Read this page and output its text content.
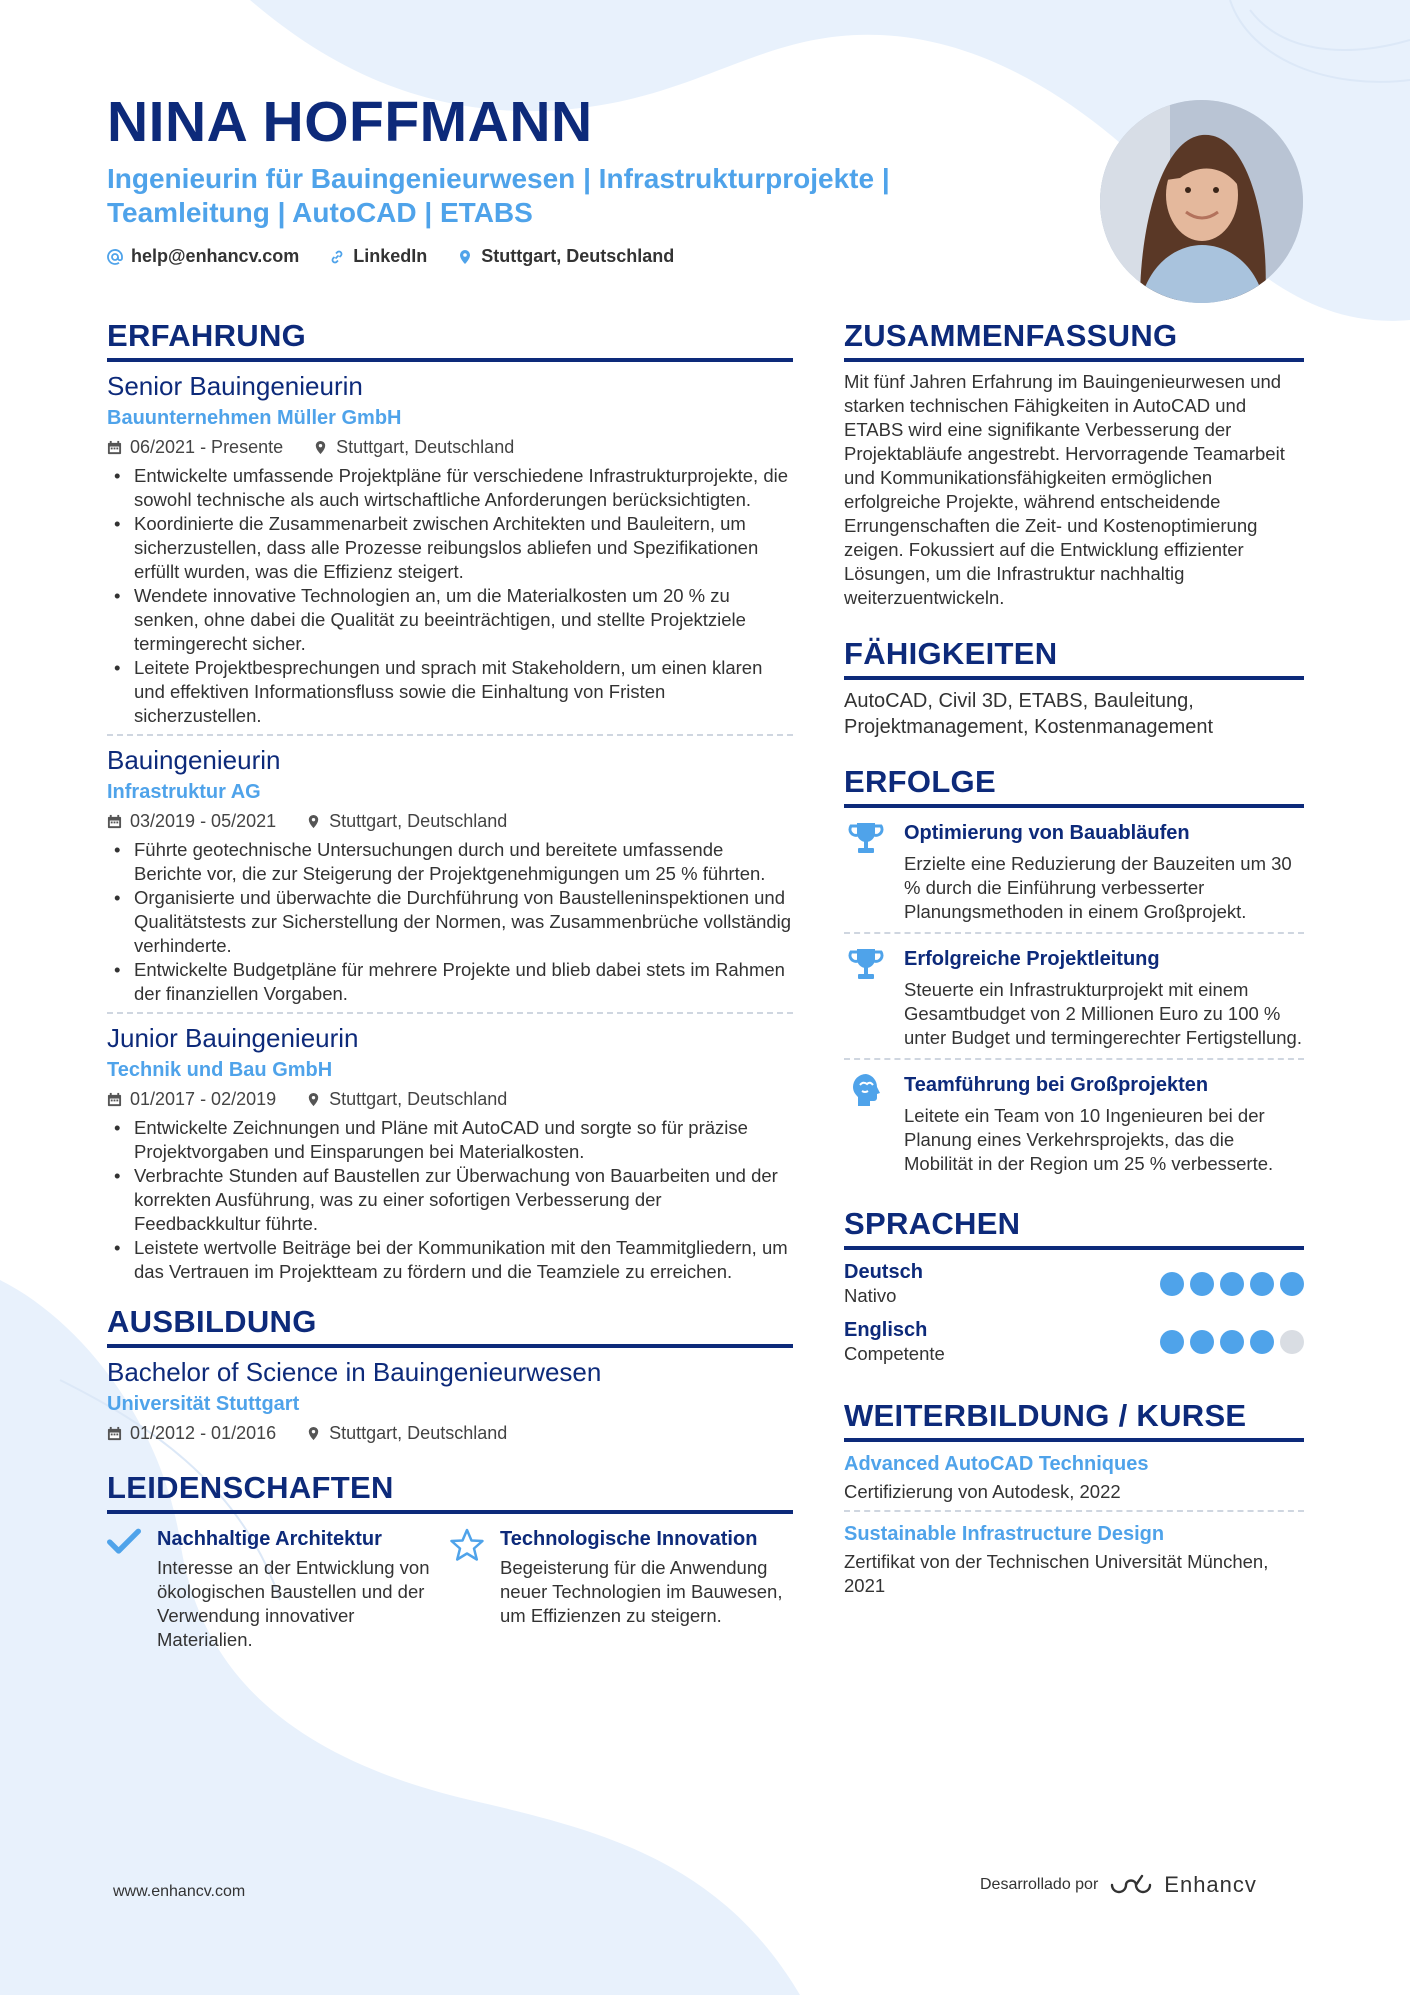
NINA HOFFMANN
Ingenieurin für Bauingenieurwesen | Infrastrukturprojekte | Teamleitung | AutoCAD | ETABS
help@enhancv.com	LinkedIn	Stuttgart, Deutschland
ERFAHRUNG
Senior Bauingenieurin
Bauunternehmen Müller GmbH
06/2021 - Presente	Stuttgart, Deutschland
• Entwickelte umfassende Projektpläne für verschiedene Infrastrukturprojekte, die sowohl technische als auch wirtschaftliche Anforderungen berücksichtigten.
• Koordinierte die Zusammenarbeit zwischen Architekten und Bauleitern, um sicherzustellen, dass alle Prozesse reibungslos abliefen und Spezifikationen erfüllt wurden, was die Effizienz steigert.
• Wendete innovative Technologien an, um die Materialkosten um 20 % zu senken, ohne dabei die Qualität zu beeinträchtigen, und stellte Projektziele termingerecht sicher.
• Leitete Projektbesprechungen und sprach mit Stakeholdern, um einen klaren und effektiven Informationsfluss sowie die Einhaltung von Fristen sicherzustellen.
Bauingenieurin
Infrastruktur AG
03/2019 - 05/2021	Stuttgart, Deutschland
• Führte geotechnische Untersuchungen durch und bereitete umfassende Berichte vor, die zur Steigerung der Projektgenehmigungen um 25 % führten.
• Organisierte und überwachte die Durchführung von Baustelleninspektionen und Qualitätstests zur Sicherstellung der Normen, was Zusammenbrüche vollständig verhinderte.
• Entwickelte Budgetpläne für mehrere Projekte und blieb dabei stets im Rahmen der finanziellen Vorgaben.
Junior Bauingenieurin
Technik und Bau GmbH
01/2017 - 02/2019	Stuttgart, Deutschland
• Entwickelte Zeichnungen und Pläne mit AutoCAD und sorgte so für präzise Projektvorgaben und Einsparungen bei Materialkosten.
• Verbrachte Stunden auf Baustellen zur Überwachung von Bauarbeiten und der korrekten Ausführung, was zu einer sofortigen Verbesserung der Feedbackkultur führte.
• Leistete wertvolle Beiträge bei der Kommunikation mit den Teammitgliedern, um das Vertrauen im Projektteam zu fördern und die Teamziele zu erreichen.
AUSBILDUNG
Bachelor of Science in Bauingenieurwesen
Universität Stuttgart
01/2012 - 01/2016	Stuttgart, Deutschland
LEIDENSCHAFTEN
Nachhaltige Architektur
Interesse an der Entwicklung von ökologischen Baustellen und der Verwendung innovativer Materialien.
Technologische Innovation
Begeisterung für die Anwendung neuer Technologien im Bauwesen, um Effizienzen zu steigern.
ZUSAMMENFASSUNG
Mit fünf Jahren Erfahrung im Bauingenieurwesen und starken technischen Fähigkeiten in AutoCAD und ETABS wird eine signifikante Verbesserung der Projektabläufe angestrebt. Hervorragende Teamarbeit und Kommunikationsfähigkeiten ermöglichen erfolgreiche Projekte, während entscheidende Errungenschaften die Zeit- und Kostenoptimierung zeigen. Fokussiert auf die Entwicklung effizienter Lösungen, um die Infrastruktur nachhaltig weiterzuentwickeln.
FÄHIGKEITEN
AutoCAD, Civil 3D, ETABS, Bauleitung, Projektmanagement, Kostenmanagement
ERFOLGE
Optimierung von Bauabläufen
Erzielte eine Reduzierung der Bauzeiten um 30 % durch die Einführung verbesserter Planungsmethoden in einem Großprojekt.
Erfolgreiche Projektleitung
Steuerte ein Infrastrukturprojekt mit einem Gesamtbudget von 2 Millionen Euro zu 100 % unter Budget und termingerechter Fertigstellung.
Teamführung bei Großprojekten
Leitete ein Team von 10 Ingenieuren bei der Planung eines Verkehrsprojekts, das die Mobilität in der Region um 25 % verbesserte.
SPRACHEN
Deutsch
Nativo
Englisch
Competente
WEITERBILDUNG / KURSE
Advanced AutoCAD Techniques
Certifizierung von Autodesk, 2022
Sustainable Infrastructure Design
Zertifikat von der Technischen Universität München, 2021
www.enhancv.com	Desarrollado por	Enhancv
